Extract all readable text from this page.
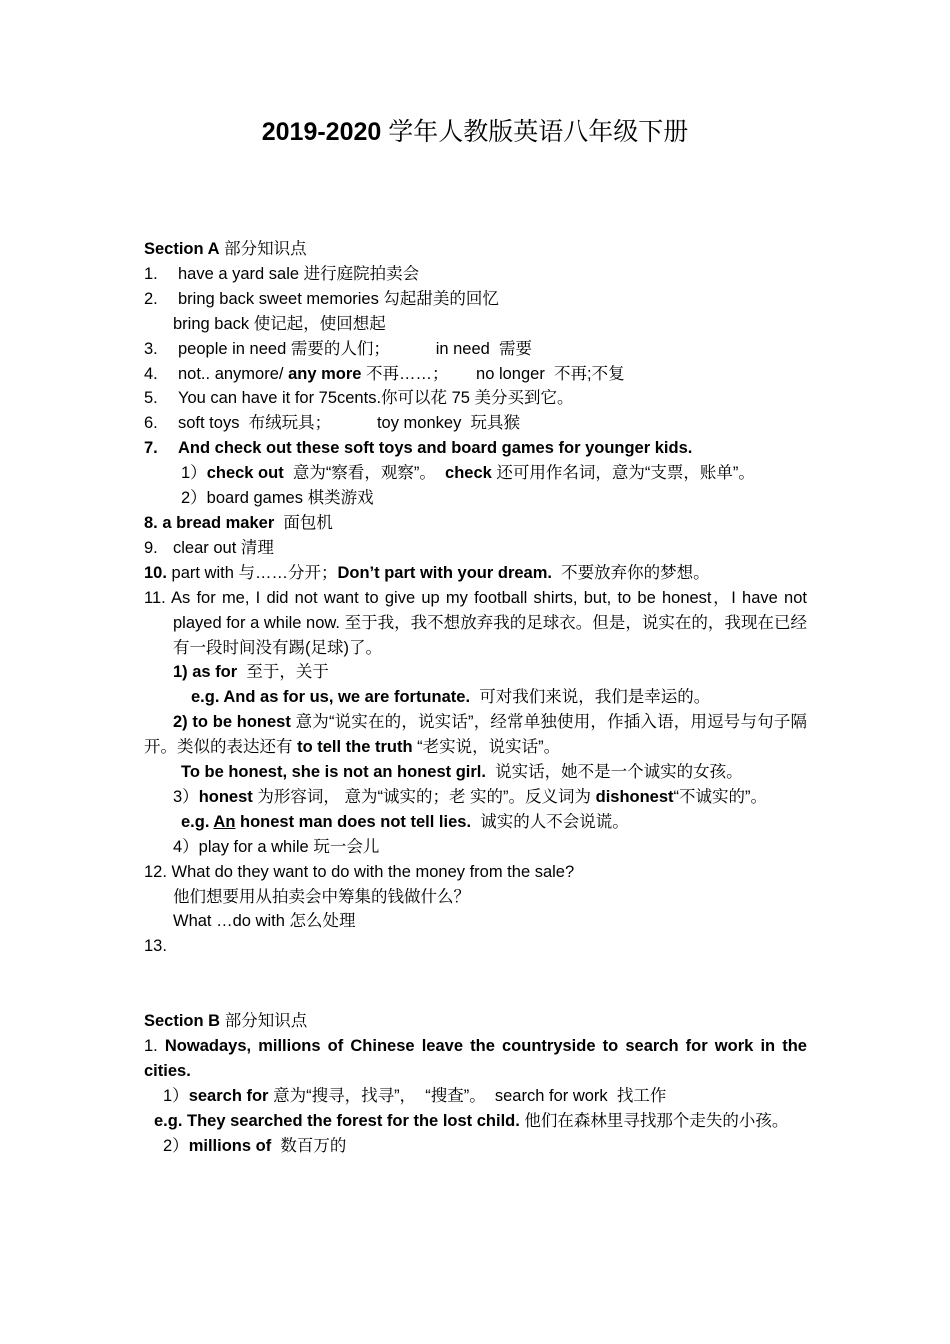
2019-2020 学年人教版英语八年级下册
Section A 部分知识点
1. have a yard sale 进行庭院拍卖会
2. bring back sweet memories 勾起甜美的回忆
bring back 使记起，使回想起
3. people in need 需要的人们；          in need  需要
4. not.. anymore/ any more 不再……；      no longer  不再;不复
5. You can have it for 75cents.你可以花 75 美分买到它。
6. soft toys  布绒玩具；          toy monkey  玩具猴
7. And check out these soft toys and board games for younger kids.
1）check out  意为“察看，观察”。  check 还可用作名词，意为“支票，账单”。
2）board games 棋类游戏
8. a bread maker  面包机
9. clear out 清理
10. part with 与……分开；Don’t part with your dream.  不要放弃你的梦想。
11. As for me, I did not want to give up my football shirts, but, to be honest，I have not played for a while now. 至于我，我不想放弃我的足球衣。但是，说实在的，我现在已经有一段时间没有踢(足球)了。
1) as for  至于，关于
e.g. And as for us, we are fortunate.  可对我们来说，我们是幸运的。
2) to be honest 意为“说实在的，说实话”，经常单独使用，作插入语，用逗号与句子隔开。类似的表达还有 to tell the truth “老实说，说实话”。
To be honest, she is not an honest girl.  说实话，她不是一个诚实的女孩。
3）honest 为形容词， 意为“诚实的；老 实的”。反义词为 dishonest“不诚实的”。
e.g. An honest man does not tell lies.  诚实的人不会说谎。
4）play for a while 玩一会儿
12. What do they want to do with the money from the sale?
他们想要用从拍卖会中筹集的钱做什么？
What …do with 怎么处理
13.
Section B 部分知识点
1. Nowadays, millions of Chinese leave the countryside to search for work in the cities.
1）search for 意为“搜寻，找寻”，  “搜查”。  search for work  找工作
e.g. They searched the forest for the lost child. 他们在森林里寻找那个走失的小孩。
2）millions of  数百万的
